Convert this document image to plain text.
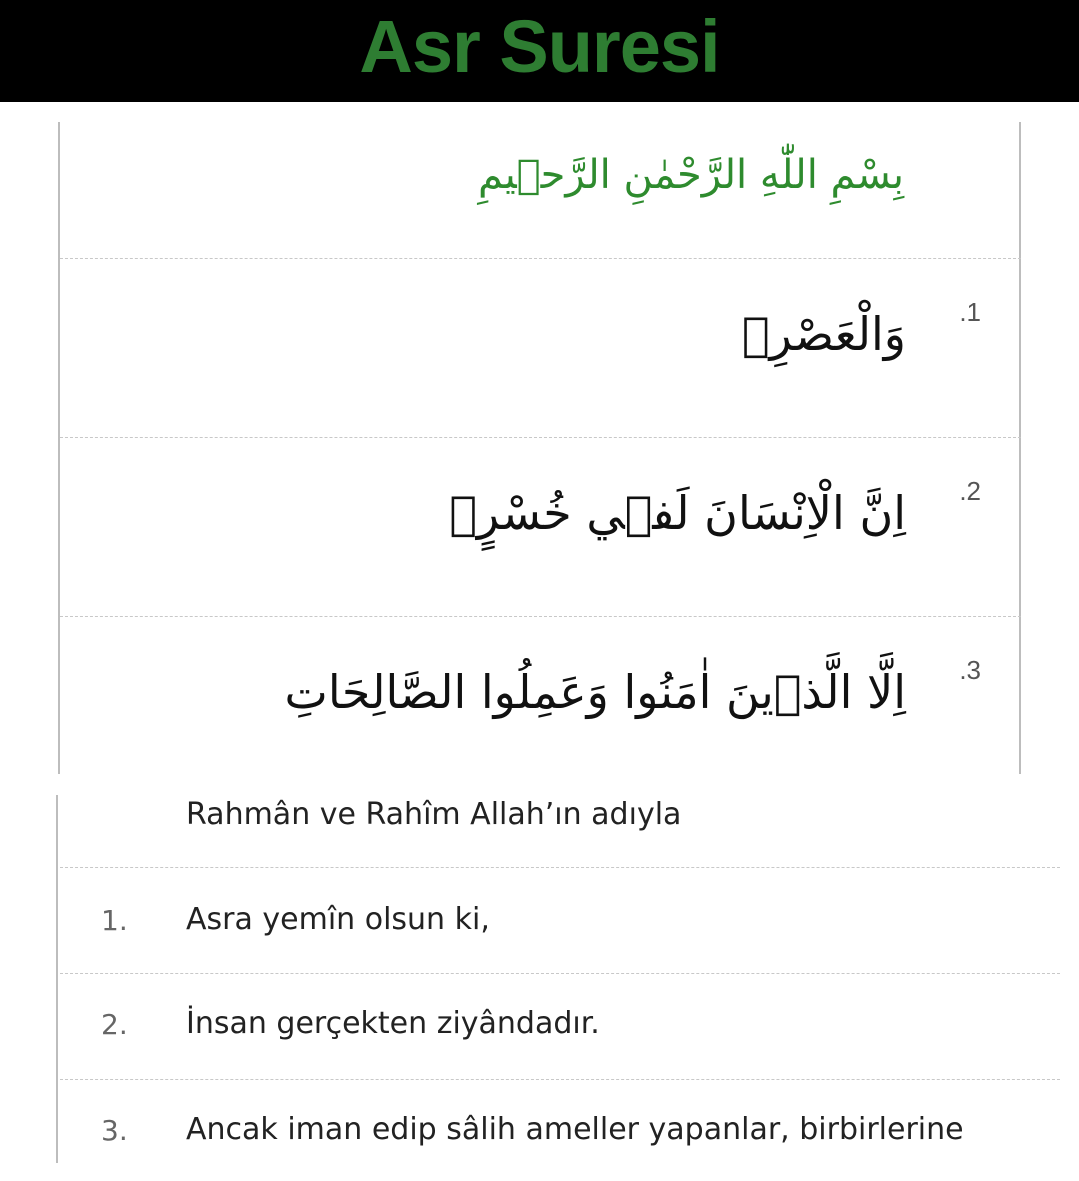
Asr Suresi
بِسْمِ اللّٰهِ الرَّحْمٰنِ الرَّح۪يمِ
.1
وَالْعَصْرِۙ
.2
اِنَّ الْاِنْسَانَ لَف۪ي خُسْرٍۙ
.3
اِلَّا الَّذ۪ينَ اٰمَنُوا وَعَمِلُوا الصَّالِحَاتِ
Rahmân ve Rahîm Allah’ın adıyla
1. Asra yemîn olsun ki,
2. İnsan gerçekten ziyândadır.
3. Ancak iman edip sâlih ameller yapanlar, birbirlerine
